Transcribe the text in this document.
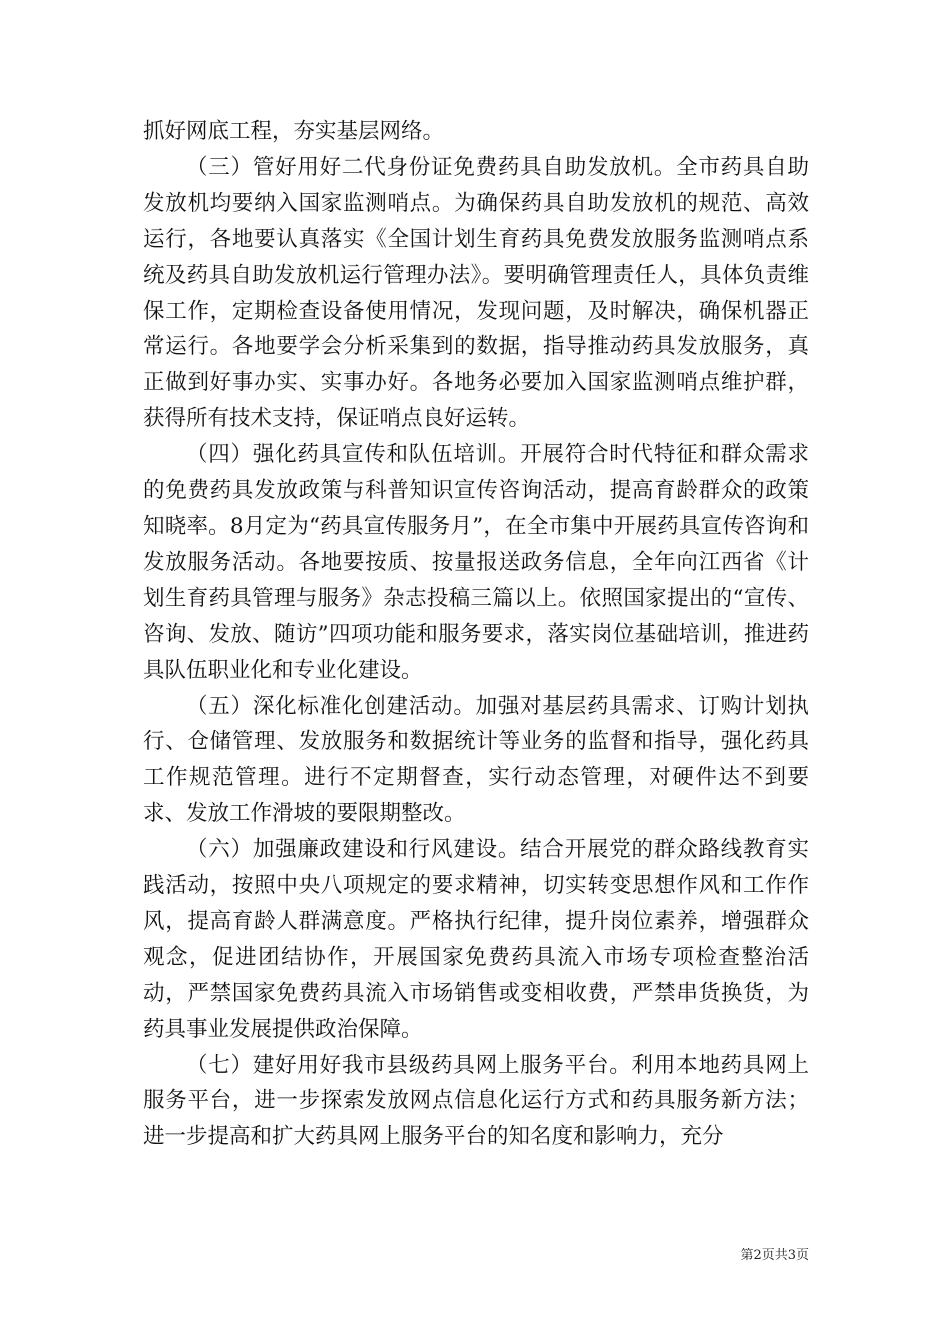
抓好网底工程，夯实基层网络。

（三）管好用好二代身份证免费药具自助发放机。全市药具自助发放机均要纳入国家监测哨点。为确保药具自助发放机的规范、高效运行，各地要认真落实《全国计划生育药具免费发放服务监测哨点系统及药具自助发放机运行管理办法》。要明确管理责任人，具体负责维保工作，定期检查设备使用情况，发现问题，及时解决，确保机器正常运行。各地要学会分析采集到的数据，指导推动药具发放服务，真正做到好事办实、实事办好。各地务必要加入国家监测哨点维护群，获得所有技术支持，保证哨点良好运转。

（四）强化药具宣传和队伍培训。开展符合时代特征和群众需求的免费药具发放政策与科普知识宣传咨询活动，提高育龄群众的政策知晓率。8月定为“药具宣传服务月”，在全市集中开展药具宣传咨询和发放服务活动。各地要按质、按量报送政务信息，全年向江西省《计划生育药具管理与服务》杂志投稿三篇以上。依照国家提出的“宣传、咨询、发放、随访”四项功能和服务要求，落实岗位基础培训，推进药具队伍职业化和专业化建设。

（五）深化标准化创建活动。加强对基层药具需求、订购计划执行、仓储管理、发放服务和数据统计等业务的监督和指导，强化药具工作规范管理。进行不定期督查，实行动态管理，对硬件达不到要求、发放工作滑坡的要限期整改。

（六）加强廉政建设和行风建设。结合开展党的群众路线教育实践活动，按照中央八项规定的要求精神，切实转变思想作风和工作作风，提高育龄人群满意度。严格执行纪律，提升岗位素养，增强群众观念，促进团结协作，开展国家免费药具流入市场专项检查整治活动，严禁国家免费药具流入市场销售或变相收费，严禁串货换货，为药具事业发展提供政治保障。

（七）建好用好我市县级药具网上服务平台。利用本地药具网上服务平台，进一步探索发放网点信息化运行方式和药具服务新方法；进一步提高和扩大药具网上服务平台的知名度和影响力，充分

第2页共3页
